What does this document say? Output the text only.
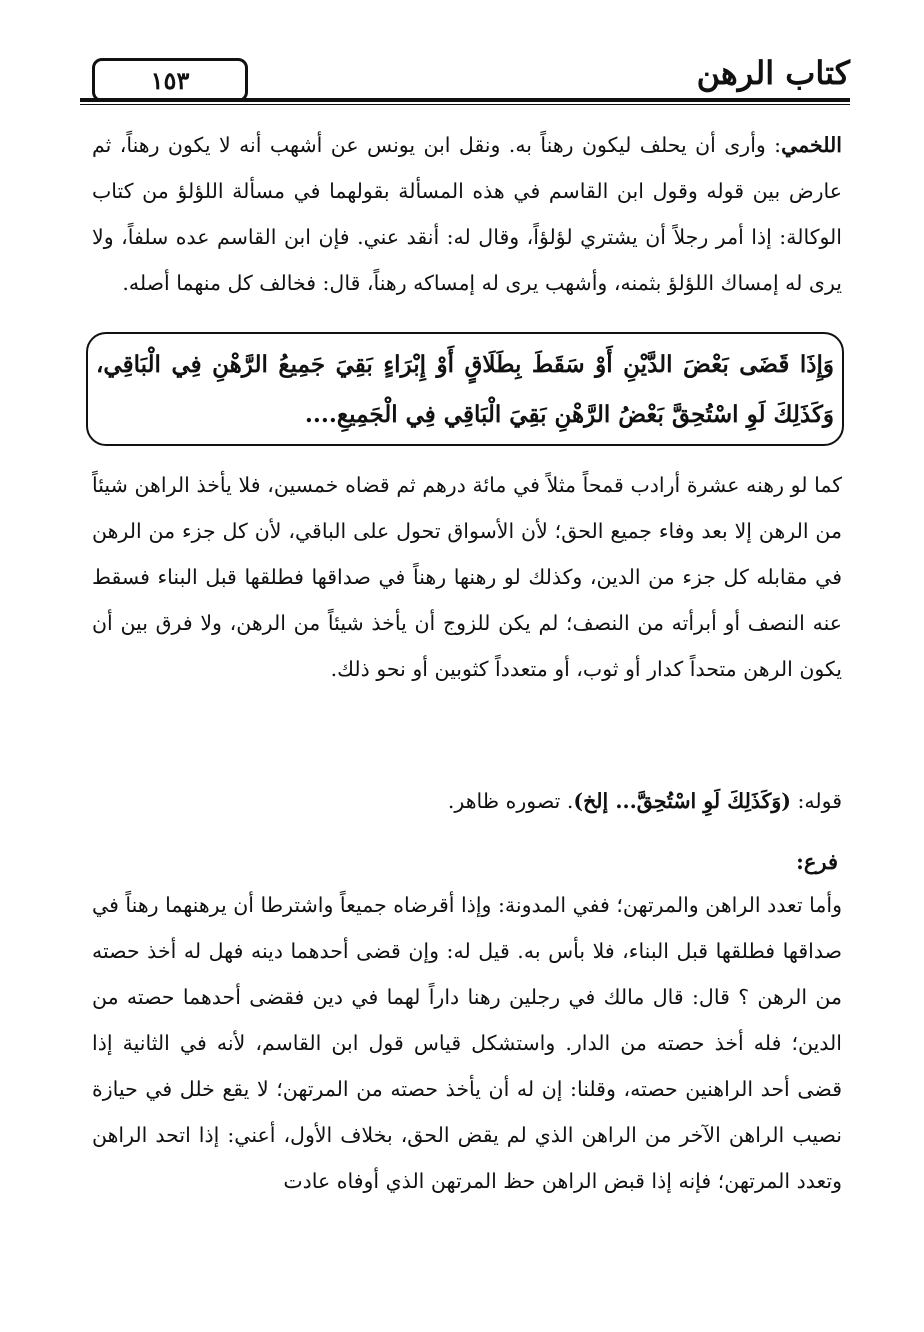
١٥٣	كتاب الرهن
اللخمي: وأرى أن يحلف ليكون رهناً به. ونقل ابن يونس عن أشهب أنه لا يكون رهناً، ثم عارض بين قوله وقول ابن القاسم في هذه المسألة بقولهما في مسألة اللؤلؤ من كتاب الوكالة: إذا أمر رجلاً أن يشتري لؤلؤاً، وقال له: أنقد عني. فإن ابن القاسم عده سلفاً، ولا يرى له إمساك اللؤلؤ بثمنه، وأشهب يرى له إمساكه رهناً، قال: فخالف كل منهما أصله.
وَإِذَا قَضَى بَعْضَ الدَّيْنِ أَوْ سَقَطَ بِطَلَاقٍ أَوْ إِبْرَاءٍ بَقِيَ جَمِيعُ الرَّهْنِ فِي الْبَاقِي، وَكَذَلِكَ لَوِ اسْتُحِقَّ بَعْضُ الرَّهْنِ بَقِيَ الْبَاقِي فِي الْجَمِيعِ....
كما لو رهنه عشرة أرادب قمحاً مثلاً في مائة درهم ثم قضاه خمسين، فلا يأخذ الراهن شيئاً من الرهن إلا بعد وفاء جميع الحق؛ لأن الأسواق تحول على الباقي، لأن كل جزء من الرهن في مقابله كل جزء من الدين، وكذلك لو رهنها رهناً في صداقها فطلقها قبل البناء فسقط عنه النصف أو أبرأته من النصف؛ لم يكن للزوج أن يأخذ شيئاً من الرهن، ولا فرق بين أن يكون الرهن متحداً كدار أو ثوب، أو متعدداً كثوبين أو نحو ذلك.
قوله: (وَكَذَلِكَ لَوِ اسْتُحِقَّ... إلخ). تصوره ظاهر.
فرع:
وأما تعدد الراهن والمرتهن؛ ففي المدونة: وإذا أقرضاه جميعاً واشترطا أن يرهنهما رهناً في صداقها فطلقها قبل البناء، فلا بأس به. قيل له: وإن قضى أحدهما دينه فهل له أخذ حصته من الرهن ؟ قال: قال مالك في رجلين رهنا داراً لهما في دين فقضى أحدهما حصته من الدين؛ فله أخذ حصته من الدار. واستشكل قياس قول ابن القاسم، لأنه في الثانية إذا قضى أحد الراهنين حصته، وقلنا: إن له أن يأخذ حصته من المرتهن؛ لا يقع خلل في حيازة نصيب الراهن الآخر من الراهن الذي لم يقض الحق، بخلاف الأول، أعني: إذا اتحد الراهن وتعدد المرتهن؛ فإنه إذا قبض الراهن حظ المرتهن الذي أوفاه عادت
